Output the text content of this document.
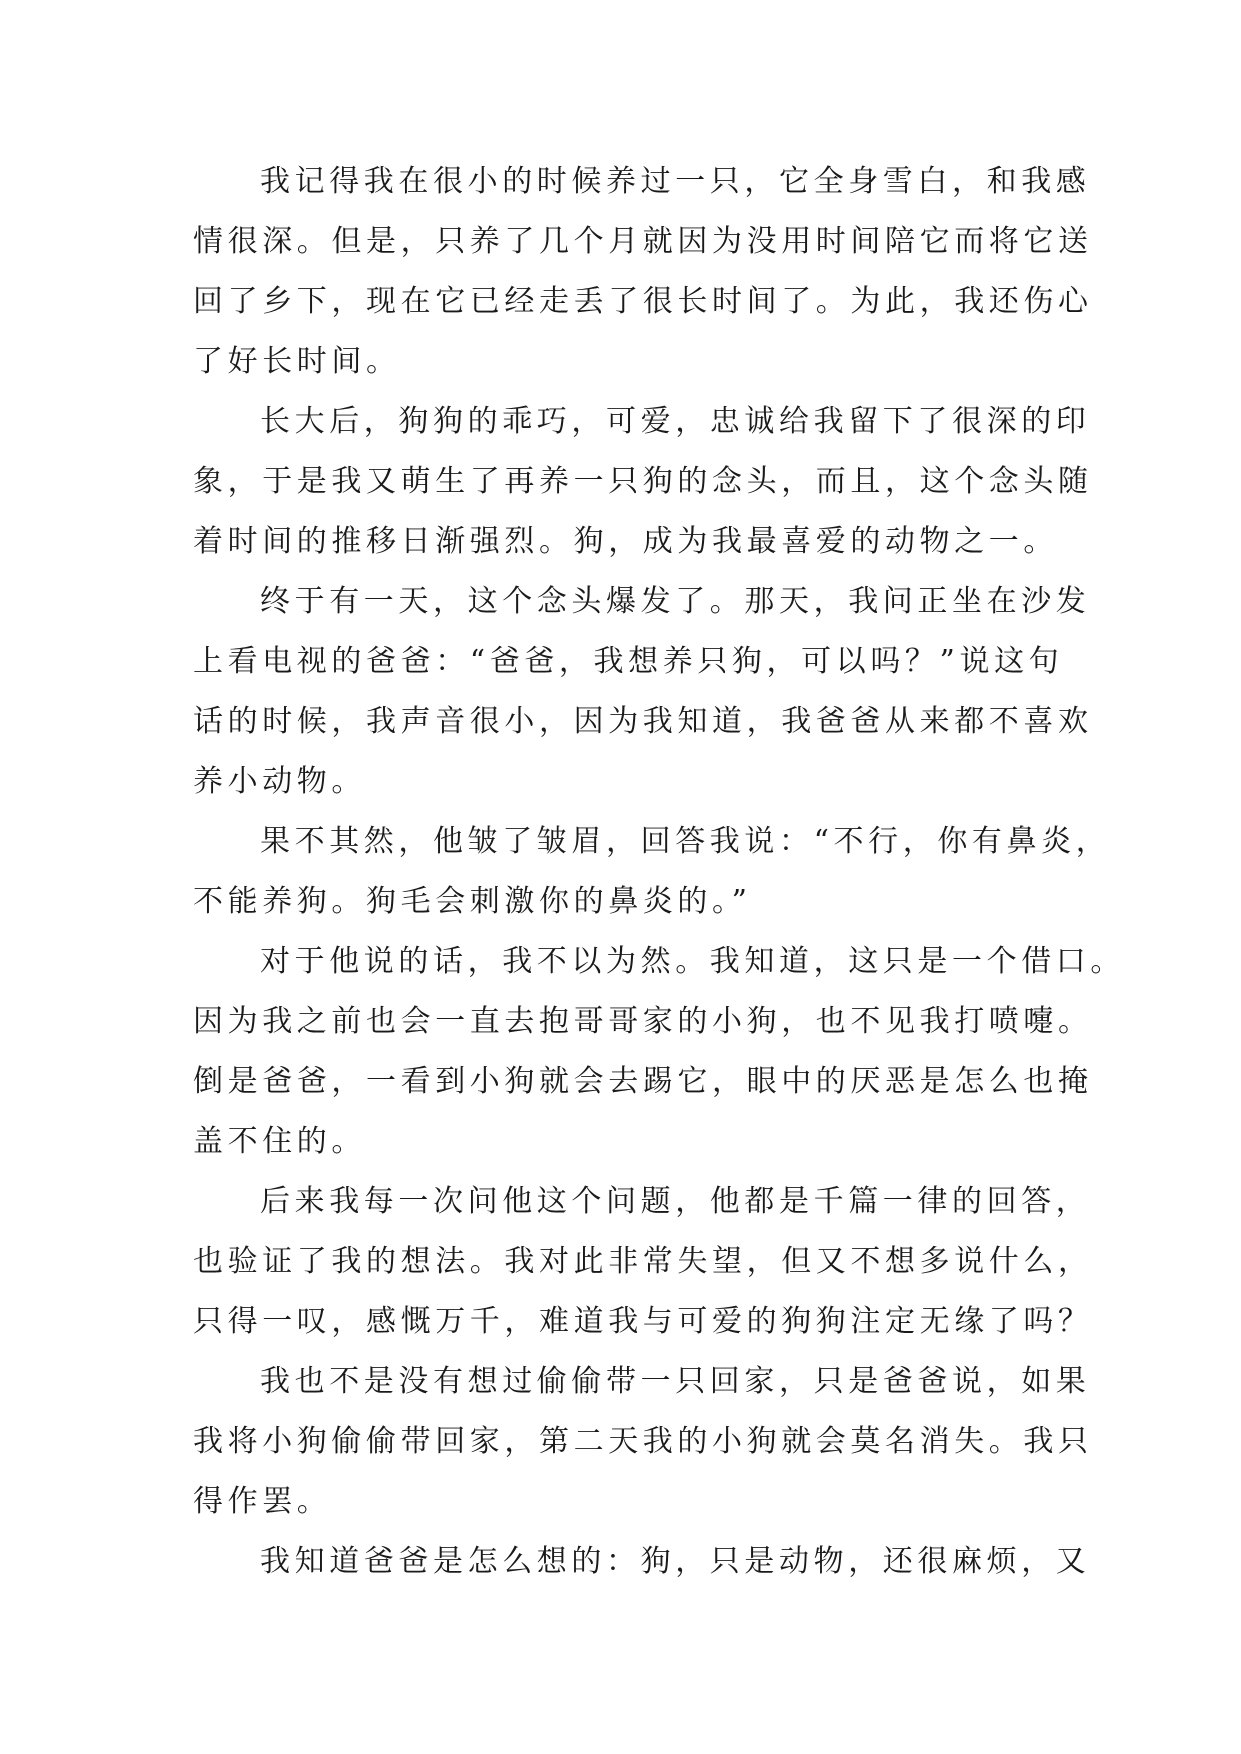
我记得我在很小的时候养过一只，它全身雪白，和我感
情很深。但是，只养了几个月就因为没用时间陪它而将它送
回了乡下，现在它已经走丢了很长时间了。为此，我还伤心
了好长时间。
长大后，狗狗的乖巧，可爱，忠诚给我留下了很深的印
象，于是我又萌生了再养一只狗的念头，而且，这个念头随
着时间的推移日渐强烈。狗，成为我最喜爱的动物之一。
终于有一天，这个念头爆发了。那天，我问正坐在沙发
上看电视的爸爸：“爸爸，我想养只狗，可以吗？”说这句
话的时候，我声音很小，因为我知道，我爸爸从来都不喜欢
养小动物。
果不其然，他皱了皱眉，回答我说：“不行，你有鼻炎，
不能养狗。狗毛会刺激你的鼻炎的。”
对于他说的话，我不以为然。我知道，这只是一个借口。
因为我之前也会一直去抱哥哥家的小狗，也不见我打喷嚏。
倒是爸爸，一看到小狗就会去踢它，眼中的厌恶是怎么也掩
盖不住的。
后来我每一次问他这个问题，他都是千篇一律的回答，
也验证了我的想法。我对此非常失望，但又不想多说什么，
只得一叹，感慨万千，难道我与可爱的狗狗注定无缘了吗？
我也不是没有想过偷偷带一只回家，只是爸爸说，如果
我将小狗偷偷带回家，第二天我的小狗就会莫名消失。我只
得作罢。
我知道爸爸是怎么想的：狗，只是动物，还很麻烦，又
